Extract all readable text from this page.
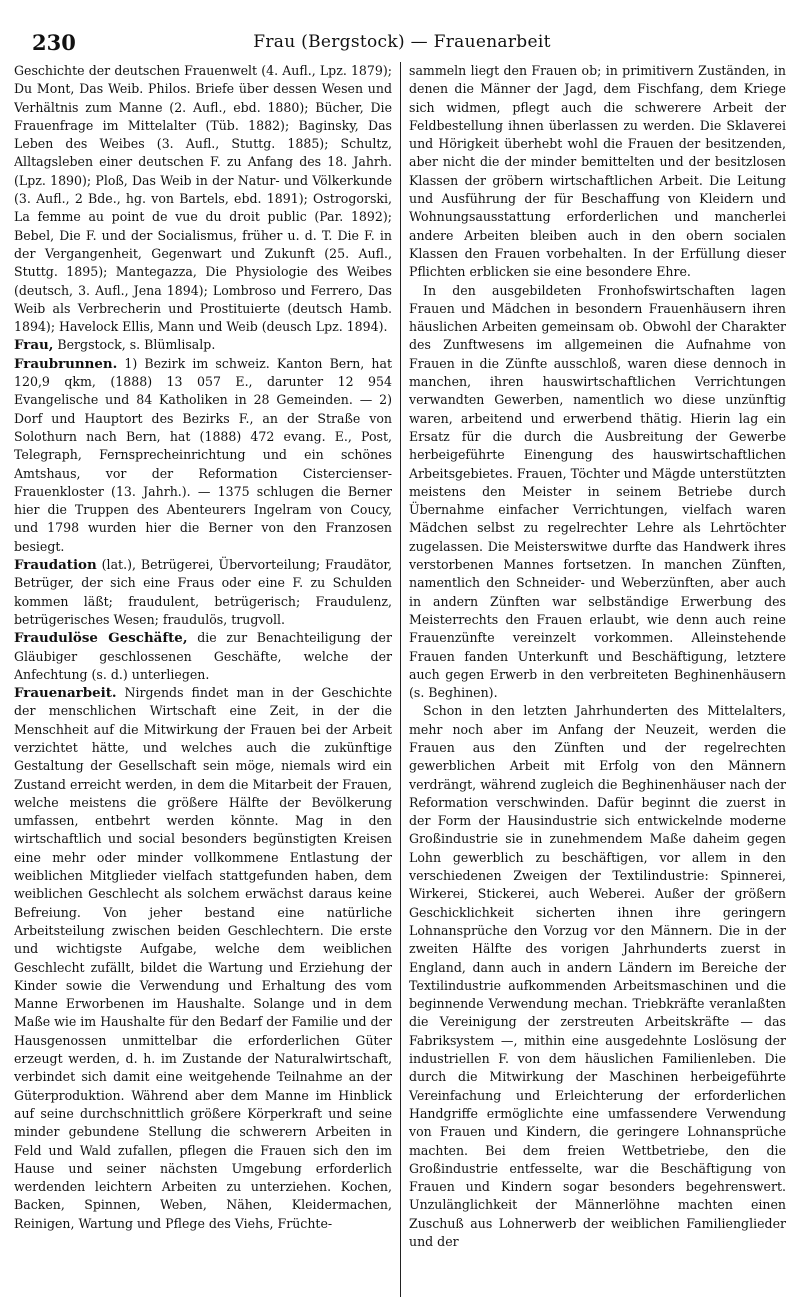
230	Frau (Bergstock) — Frauenarbeit

Geschichte der deutschen Frauenwelt (4. Aufl., Lpz. 1879); Du Mont, Das Weib. Philos. Briefe über dessen Wesen und Verhältnis zum Manne (2. Aufl., ebd. 1880); Bücher, Die Frauenfrage im Mittelalter (Tüb. 1882); Baginsky, Das Leben des Weibes (3. Aufl., Stuttg. 1885); Schultz, Alltagsleben einer deutschen F. zu Anfang des 18. Jahrh. (Lpz. 1890); Ploß, Das Weib in der Natur- und Völkerkunde (3. Aufl., 2 Bde., hg. von Bartels, ebd. 1891); Ostrogorski, La femme au point de vue du droit public (Par. 1892); Bebel, Die F. und der Socialismus, früher u. d. T. Die F. in der Vergangenheit, Gegenwart und Zukunft (25. Aufl., Stuttg. 1895); Mantegazza, Die Physiologie des Weibes (deutsch, 3. Aufl., Jena 1894); Lombroso und Ferrero, Das Weib als Verbrecherin und Prostituierte (deutsch Hamb. 1894); Havelock Ellis, Mann und Weib (deusch Lpz. 1894).

Frau, Bergstock, s. Blümlisalp.

Fraubrunnen. 1) Bezirk im schweiz. Kanton Bern, hat 120,9 qkm, (1888) 13 057 E., darunter 12 954 Evangelische und 84 Katholiken in 28 Gemeinden. — 2) Dorf und Hauptort des Bezirks F., an der Straße von Solothurn nach Bern, hat (1888) 472 evang. E., Post, Telegraph, Fernsprecheinrichtung und ein schönes Amtshaus, vor der Reformation Cistercienser-Frauenkloster (13. Jahrh.). — 1375 schlugen die Berner hier die Truppen des Abenteurers Ingelram von Coucy, und 1798 wurden hier die Berner von den Franzosen besiegt.

Fraudation (lat.), Betrügerei, Übervorteilung; Fraudätor, Betrüger, der sich eine Fraus oder eine F. zu Schulden kommen läßt; fraudulent, betrügerisch; Fraudulenz, betrügerisches Wesen; fraudulös, trugvoll.

Fraudulöse Geschäfte, die zur Benachteiligung der Gläubiger geschlossenen Geschäfte, welche der Anfechtung (s. d.) unterliegen.

Frauenarbeit. Nirgends findet man in der Geschichte der menschlichen Wirtschaft eine Zeit, in der die Menschheit auf die Mitwirkung der Frauen bei der Arbeit verzichtet hätte, und welches auch die zukünftige Gestaltung der Gesellschaft sein möge, niemals wird ein Zustand erreicht werden, in dem die Mitarbeit der Frauen, welche meistens die größere Hälfte der Bevölkerung umfassen, entbehrt werden könnte. Mag in den wirtschaftlich und social besonders begünstigten Kreisen eine mehr oder minder vollkommene Entlastung der weiblichen Mitglieder vielfach stattgefunden haben, dem weiblichen Geschlecht als solchem erwächst daraus keine Befreiung. Von jeher bestand eine natürliche Arbeitsteilung zwischen beiden Geschlechtern. Die erste und wichtigste Aufgabe, welche dem weiblichen Geschlecht zufällt, bildet die Wartung und Erziehung der Kinder sowie die Verwendung und Erhaltung des vom Manne Erworbenen im Haushalte. Solange und in dem Maße wie im Haushalte für den Bedarf der Familie und der Hausgenossen unmittelbar die erforderlichen Güter erzeugt werden, d. h. im Zustande der Naturalwirtschaft, verbindet sich damit eine weitgehende Teilnahme an der Güterproduktion. Während aber dem Manne im Hinblick auf seine durchschnittlich größere Körperkraft und seine minder gebundene Stellung die schwerern Arbeiten in Feld und Wald zufallen, pflegen die Frauen sich den im Hause und seiner nächsten Umgebung erforderlich werdenden leichtern Arbeiten zu unterziehen. Kochen, Backen, Spinnen, Weben, Nähen, Kleidermachen, Reinigen, Wartung und Pflege des Viehs, Früchte-

sammeln liegt den Frauen ob; in primitivern Zuständen, in denen die Männer der Jagd, dem Fischfang, dem Kriege sich widmen, pflegt auch die schwerere Arbeit der Feldbestellung ihnen überlassen zu werden. Die Sklaverei und Hörigkeit überhebt wohl die Frauen der besitzenden, aber nicht die der minder bemittelten und der besitzlosen Klassen der gröbern wirtschaftlichen Arbeit. Die Leitung und Ausführung der für Beschaffung von Kleidern und Wohnungsausstattung erforderlichen und mancherlei andere Arbeiten bleiben auch in den obern socialen Klassen den Frauen vorbehalten. In der Erfüllung dieser Pflichten erblicken sie eine besondere Ehre.

In den ausgebildeten Fronhofswirtschaften lagen Frauen und Mädchen in besondern Frauenhäusern ihren häuslichen Arbeiten gemeinsam ob. Obwohl der Charakter des Zunftwesens im allgemeinen die Aufnahme von Frauen in die Zünfte ausschloß, waren diese dennoch in manchen, ihren hauswirtschaftlichen Verrichtungen verwandten Gewerben, namentlich wo diese unzünftig waren, arbeitend und erwerbend thätig. Hierin lag ein Ersatz für die durch die Ausbreitung der Gewerbe herbeigeführte Einengung des hauswirtschaftlichen Arbeitsgebietes. Frauen, Töchter und Mägde unterstützten meistens den Meister in seinem Betriebe durch Übernahme einfacher Verrichtungen, vielfach waren Mädchen selbst zu regelrechter Lehre als Lehrtöchter zugelassen. Die Meisterswitwe durfte das Handwerk ihres verstorbenen Mannes fortsetzen. In manchen Zünften, namentlich den Schneider- und Weberzünften, aber auch in andern Zünften war selbständige Erwerbung des Meisterrechts den Frauen erlaubt, wie denn auch reine Frauenzünfte vereinzelt vorkommen. Alleinstehende Frauen fanden Unterkunft und Beschäftigung, letztere auch gegen Erwerb in den verbreiteten Beghinenhäusern (s. Beghinen).

Schon in den letzten Jahrhunderten des Mittelalters, mehr noch aber im Anfang der Neuzeit, werden die Frauen aus den Zünften und der regelrechten gewerblichen Arbeit mit Erfolg von den Männern verdrängt, während zugleich die Beghinenhäuser nach der Reformation verschwinden. Dafür beginnt die zuerst in der Form der Hausindustrie sich entwickelnde moderne Großindustrie sie in zunehmendem Maße daheim gegen Lohn gewerblich zu beschäftigen, vor allem in den verschiedenen Zweigen der Textilindustrie: Spinnerei, Wirkerei, Stickerei, auch Weberei. Außer der größern Geschicklichkeit sicherten ihnen ihre geringern Lohnansprüche den Vorzug vor den Männern. Die in der zweiten Hälfte des vorigen Jahrhunderts zuerst in England, dann auch in andern Ländern im Bereiche der Textilindustrie aufkommenden Arbeitsmaschinen und die beginnende Verwendung mechan. Triebkräfte veranlaßten die Vereinigung der zerstreuten Arbeitskräfte — das Fabriksystem —, mithin eine ausgedehnte Loslösung der industriellen F. von dem häuslichen Familienleben. Die durch die Mitwirkung der Maschinen herbeigeführte Vereinfachung und Erleichterung der erforderlichen Handgriffe ermöglichte eine umfassendere Verwendung von Frauen und Kindern, die geringere Lohnansprüche machten. Bei dem freien Wettbetriebe, den die Großindustrie entfesselte, war die Beschäftigung von Frauen und Kindern sogar besonders begehrenswert. Unzulänglichkeit der Männerlöhne machten einen Zuschuß aus Lohnerwerb der weiblichen Familienglieder und der
